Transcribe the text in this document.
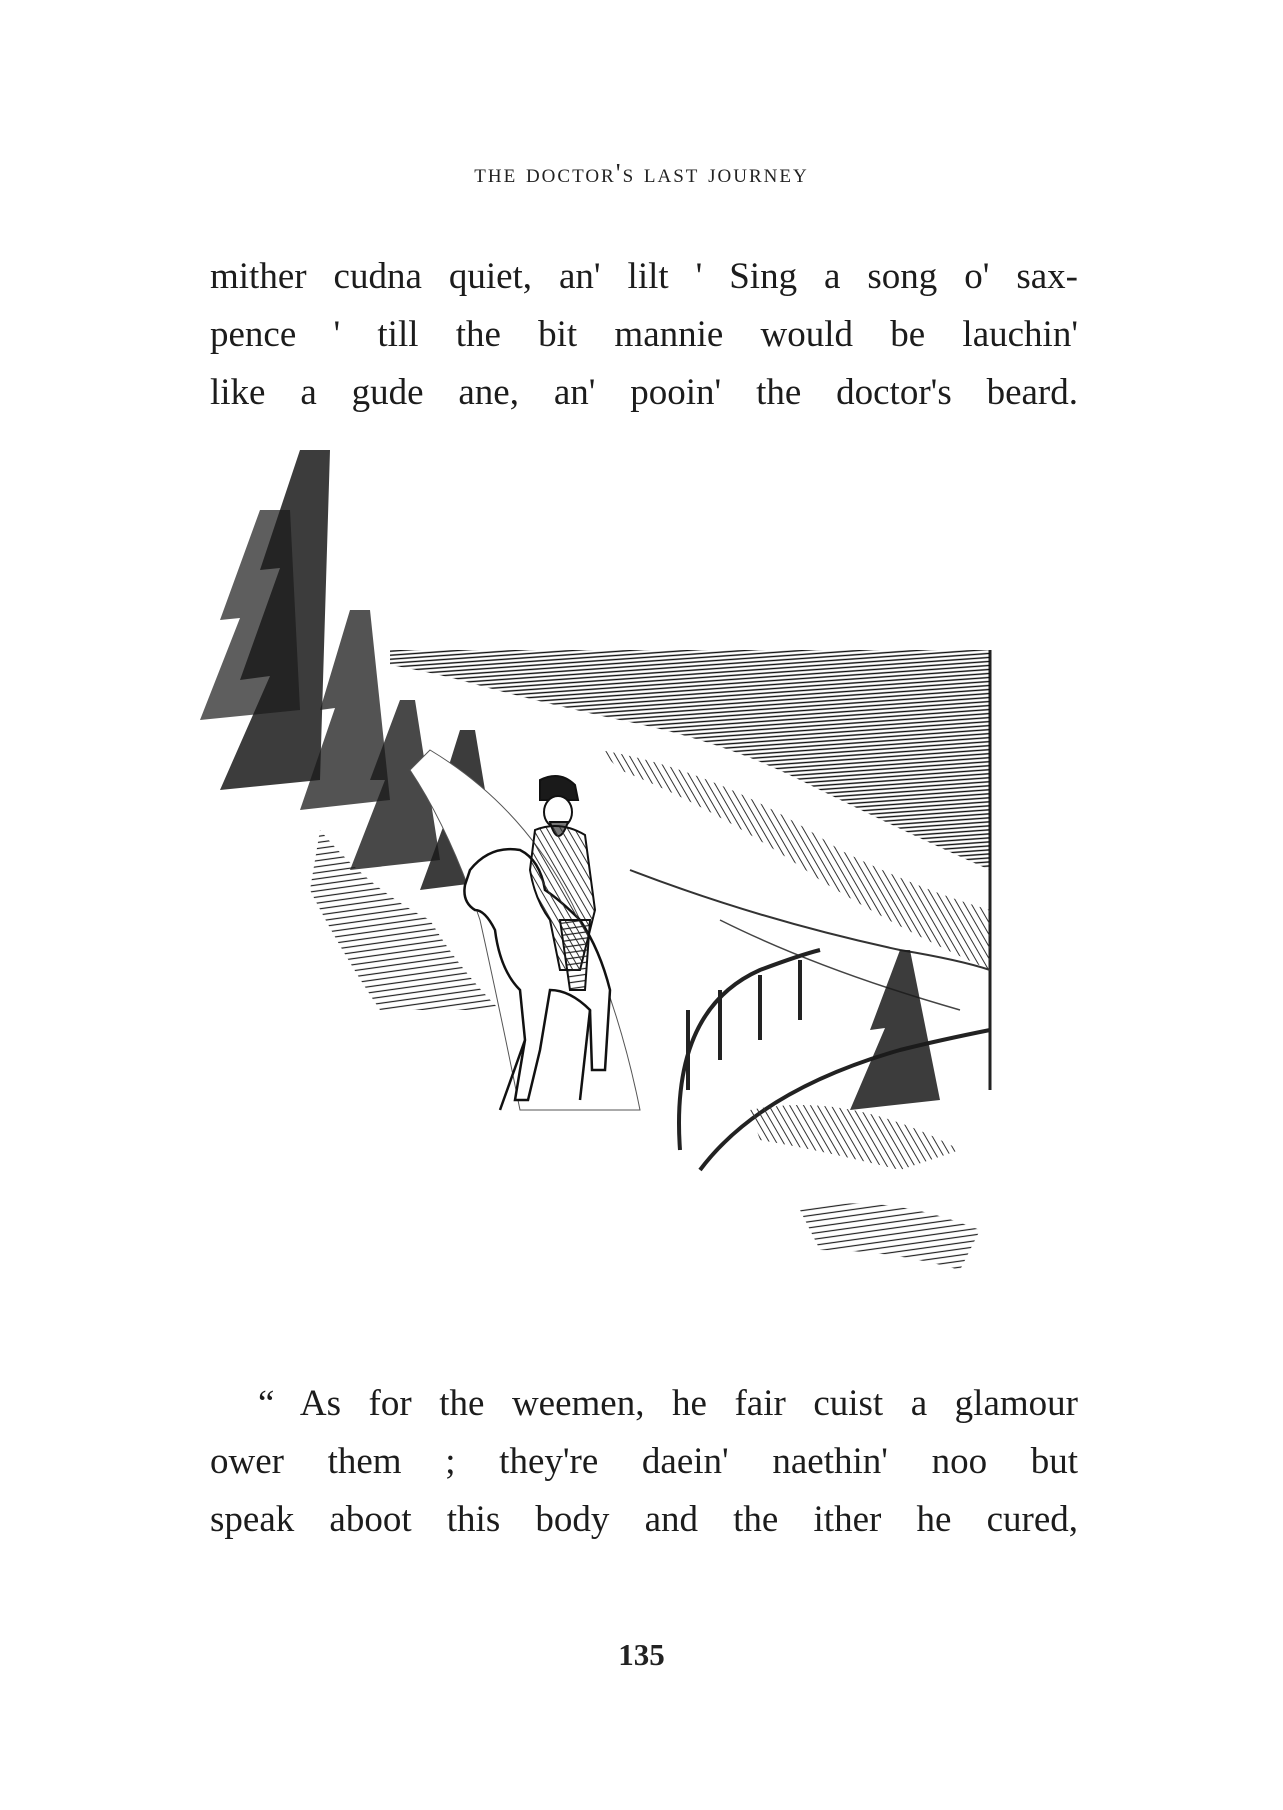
the doctor's last journey
mither cudna quiet, an' lilt ' Sing a song o' sax-
pence ' till the bit mannie would be lauchin'
like a gude ane, an' pooin' the doctor's beard.
“ As for the weemen, he fair cuist a glamour
ower them ; they're daein' naethin' noo but
speak aboot this body and the ither he cured,
135
